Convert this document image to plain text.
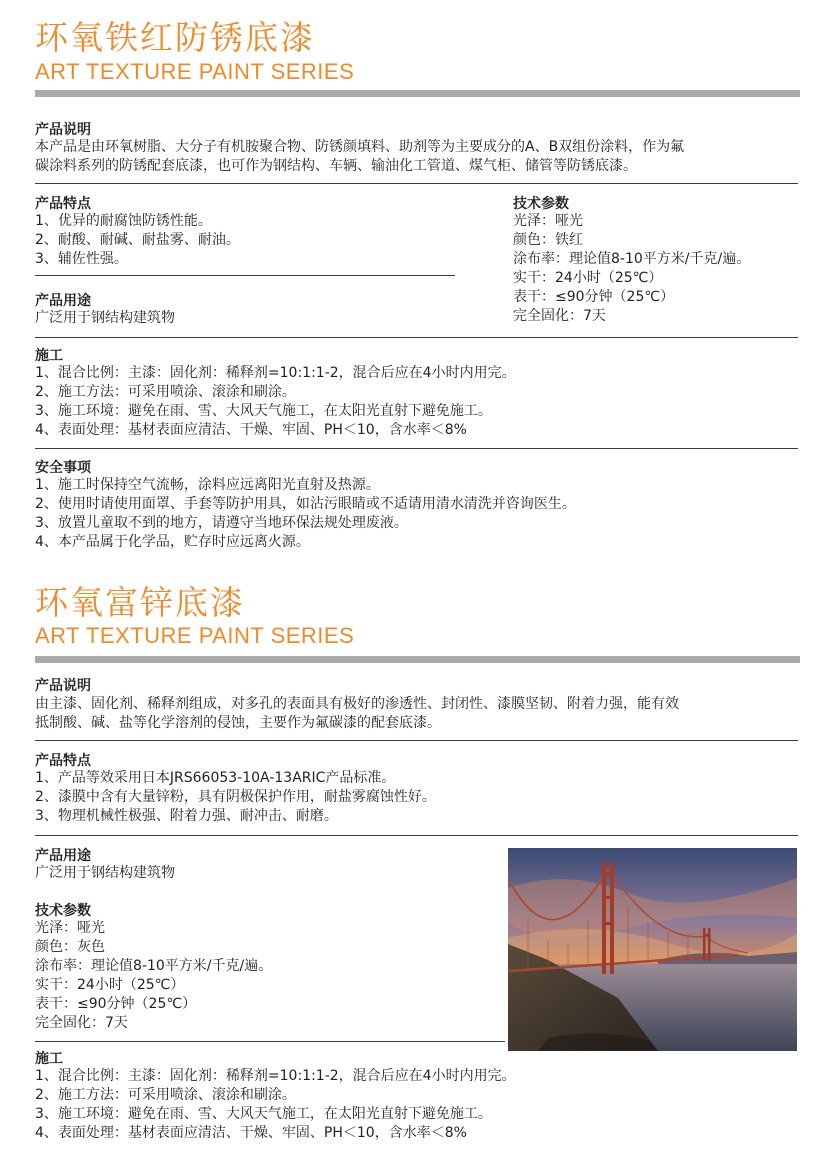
环氧铁红防锈底漆
ART TEXTURE PAINT SERIES
产品说明
本产品是由环氧树脂、大分子有机胺聚合物、防锈颜填料、助剂等为主要成分的A、B双组份涂料，作为氟
碳涂料系列的防锈配套底漆，也可作为钢结构、车辆、输油化工管道、煤气柜、储管等防锈底漆。
产品特点
1、优异的耐腐蚀防锈性能。
2、耐酸、耐碱、耐盐雾、耐油。
3、辅佐性强。
产品用途
广泛用于钢结构建筑物
技术参数
光泽：哑光
颜色：铁红
涂布率：理论值8-10平方米/千克/遍。
实干：24小时（25℃）
表干：≤90分钟（25℃）
完全固化：7天
施工
1、混合比例：主漆：固化剂：稀释剂=10:1:1-2，混合后应在4小时内用完。
2、施工方法：可采用喷涂、滚涂和刷涂。
3、施工环境：避免在雨、雪、大风天气施工，在太阳光直射下避免施工。
4、表面处理：基材表面应清洁、干燥、牢固、PH＜10，含水率＜8%
安全事项
1、施工时保持空气流畅，涂料应远离阳光直射及热源。
2、使用时请使用面罩、手套等防护用具，如沾污眼睛或不适请用清水清洗并咨询医生。
3、放置儿童取不到的地方，请遵守当地环保法规处理废液。
4、本产品属于化学品，贮存时应远离火源。
环氧富锌底漆
ART TEXTURE PAINT SERIES
产品说明
由主漆、固化剂、稀释剂组成，对多孔的表面具有极好的渗透性、封闭性、漆膜坚韧、附着力强，能有效
抵制酸、碱、盐等化学溶剂的侵蚀，主要作为氟碳漆的配套底漆。
产品特点
1、产品等效采用日本JRS66053-10A-13ARIC产品标准。
2、漆膜中含有大量锌粉，具有阴极保护作用，耐盐雾腐蚀性好。
3、物理机械性极强、附着力强、耐冲击、耐磨。
产品用途
广泛用于钢结构建筑物
技术参数
光泽：哑光
颜色：灰色
涂布率：理论值8-10平方米/千克/遍。
实干：24小时（25℃）
表干：≤90分钟（25℃）
完全固化：7天
施工
1、混合比例：主漆：固化剂：稀释剂=10:1:1-2，混合后应在4小时内用完。
2、施工方法：可采用喷涂、滚涂和刷涂。
3、施工环境：避免在雨、雪、大风天气施工，在太阳光直射下避免施工。
4、表面处理：基材表面应清洁、干燥、牢固、PH＜10，含水率＜8%
